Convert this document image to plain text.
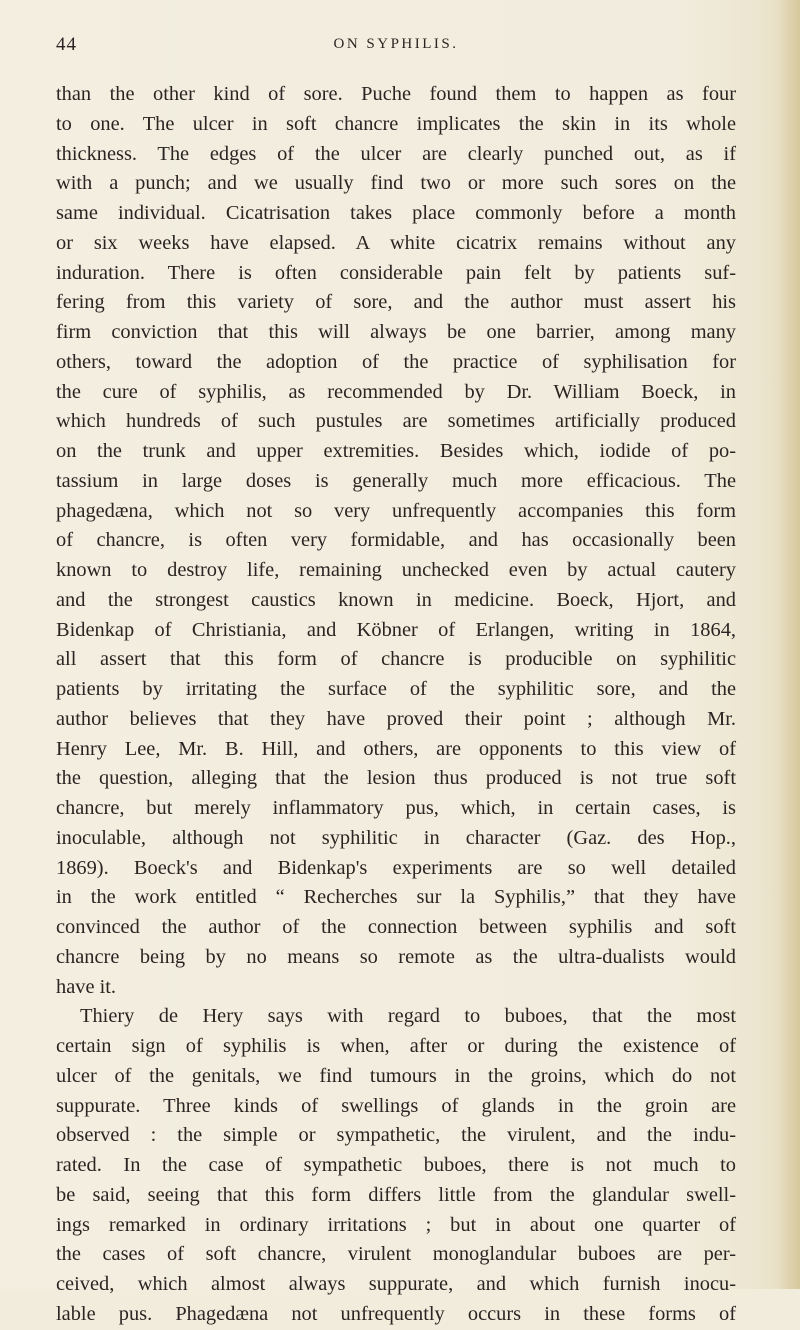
44	ON SYPHILIS.
than the other kind of sore. Puche found them to happen as four
to one. The ulcer in soft chancre implicates the skin in its whole
thickness. The edges of the ulcer are clearly punched out, as if
with a punch; and we usually find two or more such sores on the
same individual. Cicatrisation takes place commonly before a month
or six weeks have elapsed. A white cicatrix remains without any
induration. There is often considerable pain felt by patients suf-
fering from this variety of sore, and the author must assert his
firm conviction that this will always be one barrier, among many
others, toward the adoption of the practice of syphilisation for
the cure of syphilis, as recommended by Dr. William Boeck, in
which hundreds of such pustules are sometimes artificially produced
on the trunk and upper extremities. Besides which, iodide of po-
tassium in large doses is generally much more efficacious. The
phagedæna, which not so very unfrequently accompanies this form
of chancre, is often very formidable, and has occasionally been
known to destroy life, remaining unchecked even by actual cautery
and the strongest caustics known in medicine. Boeck, Hjort, and
Bidenkap of Christiania, and Köbner of Erlangen, writing in 1864,
all assert that this form of chancre is producible on syphilitic
patients by irritating the surface of the syphilitic sore, and the
author believes that they have proved their point ; although Mr.
Henry Lee, Mr. B. Hill, and others, are opponents to this view of
the question, alleging that the lesion thus produced is not true soft
chancre, but merely inflammatory pus, which, in certain cases, is
inoculable, although not syphilitic in character (Gaz. des Hop.,
1869). Boeck's and Bidenkap's experiments are so well detailed
in the work entitled “ Recherches sur la Syphilis,” that they have
convinced the author of the connection between syphilis and soft
chancre being by no means so remote as the ultra-dualists would
have it.
Thiery de Hery says with regard to buboes, that the most
certain sign of syphilis is when, after or during the existence of
ulcer of the genitals, we find tumours in the groins, which do not
suppurate. Three kinds of swellings of glands in the groin are
observed : the simple or sympathetic, the virulent, and the indu-
rated. In the case of sympathetic buboes, there is not much to
be said, seeing that this form differs little from the glandular swell-
ings remarked in ordinary irritations ; but in about one quarter of
the cases of soft chancre, virulent monoglandular buboes are per-
ceived, which almost always suppurate, and which furnish inocu-
lable pus. Phagedæna not unfrequently occurs in these forms of
